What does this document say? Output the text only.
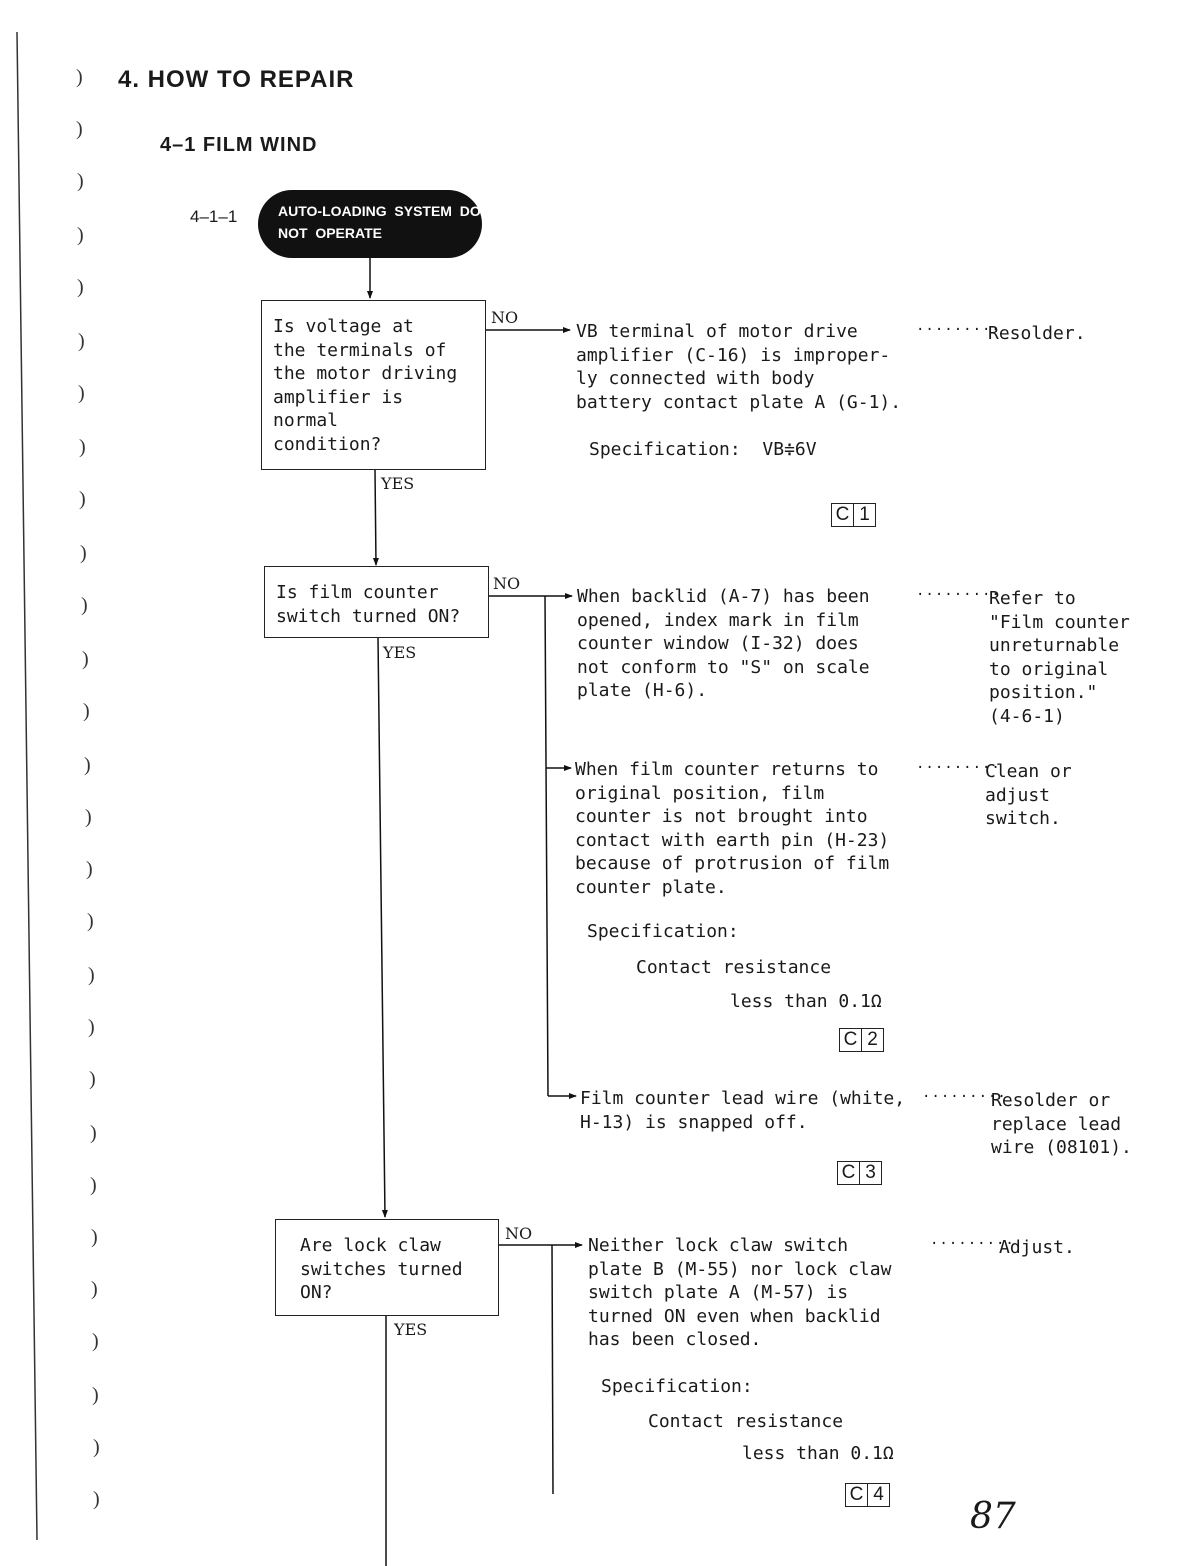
)
)
)
)
)
)
)
)
)
)
)
)
)
)
)
)
)
)
)
)
)
)
)
)
)
)
)
)
4. HOW TO REPAIR
4–1 FILM WIND
4–1–1	AUTO-LOADING  SYSTEM  DOES
NOT  OPERATE
Is voltage at
the terminals of
the motor driving
amplifier is
normal
condition?
NO
YES
VB terminal of motor drive
amplifier (C-16) is improper-
ly connected with body
battery contact plate A (G-1).
·········
Resolder.
Specification:  VB≑6V
C 1
Is film counter
switch turned ON?
NO
YES
When backlid (A-7) has been
opened, index mark in film
counter window (I-32) does
not conform to "S" on scale
plate (H-6).
·········
Refer to
"Film counter
unreturnable
to original
position."
(4-6-1)
When film counter returns to
original position, film
counter is not brought into
contact with earth pin (H-23)
because of protrusion of film
counter plate.
·········
Clean or
adjust
switch.
Specification:
Contact resistance
less than 0.1Ω
C 2
Film counter lead wire (white,
H-13) is snapped off.
·········
Resolder or
replace lead
wire (08101).
C 3
Are lock claw
switches turned
ON?
NO
YES
Neither lock claw switch
plate B (M-55) nor lock claw
switch plate A (M-57) is
turned ON even when backlid
has been closed.
·········
Adjust.
Specification:
Contact resistance
less than 0.1Ω
C 4
87
